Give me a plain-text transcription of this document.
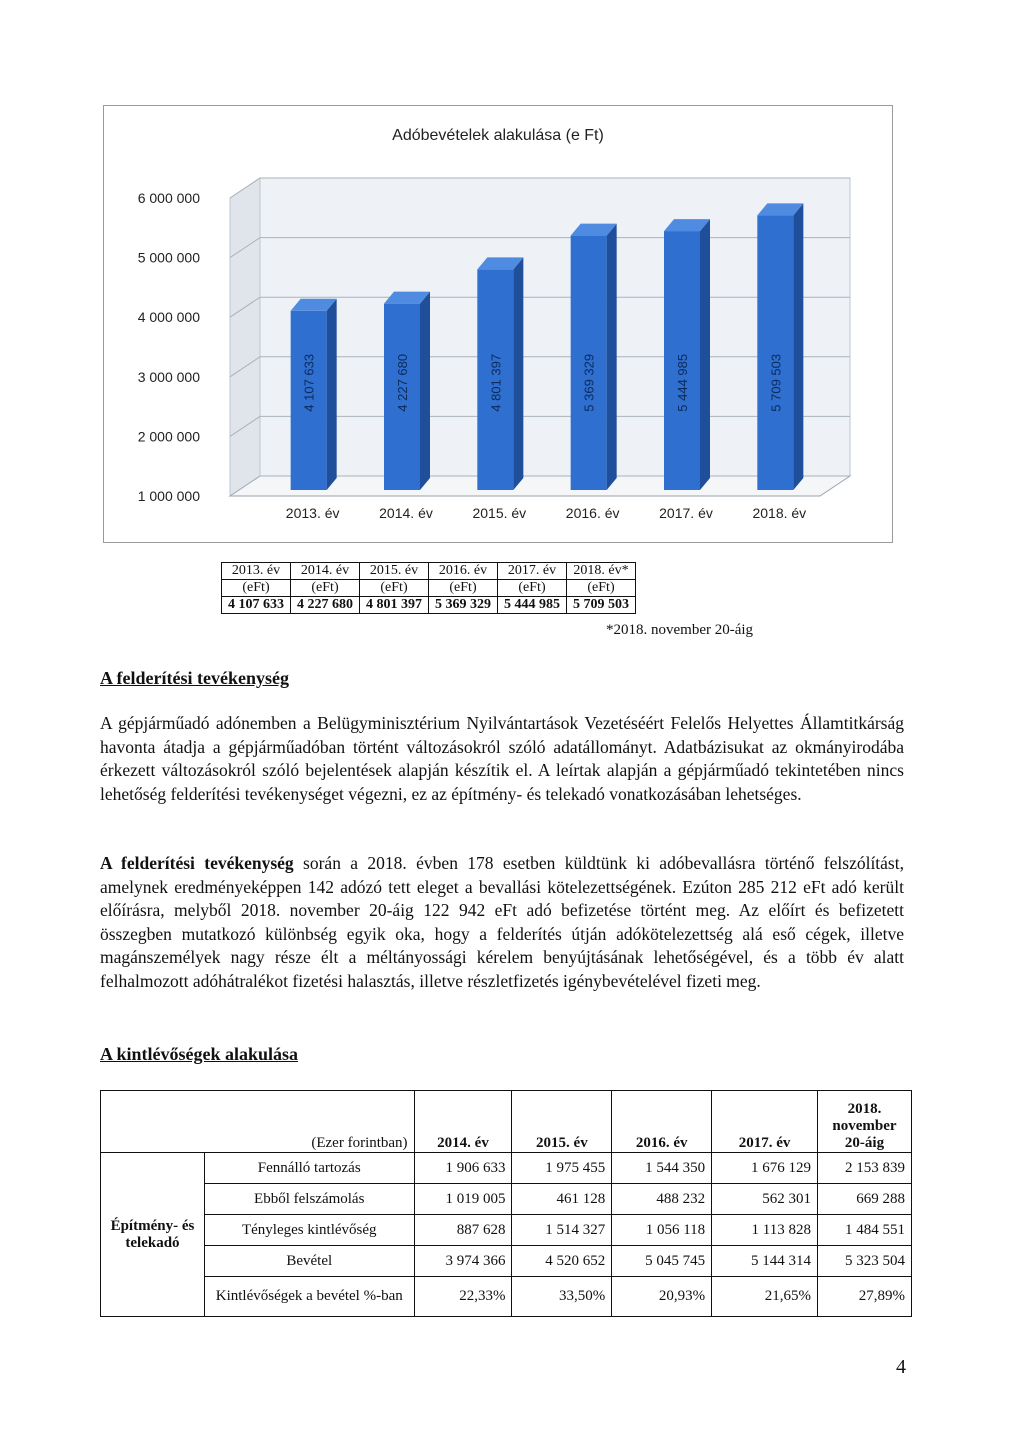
1 000 000
2 000 000
3 000 000
4 000 000
5 000 000
6 000 000
Adóbevételek alakulása (e Ft)
4 107 633
2013. év
4 227 680
2014. év
4 801 397
2015. év
5 369 329
2016. év
5 444 985
2017. év
5 709 503
2018. év
2013. év	2014. év	2015. év	2016. év	2017. év	2018. év*
(eFt)	(eFt)	(eFt)	(eFt)	(eFt)	(eFt)
4 107 633	4 227 680	4 801 397	5 369 329	5 444 985	5 709 503
*2018. november 20-áig
A felderítési tevékenység

A gépjárműadó adónemben a Belügyminisztérium Nyilvántartások Vezetéséért Felelős Helyettes Államtitkárság havonta átadja a gépjárműadóban történt változásokról szóló adatállományt. Adatbázisukat az okmányirodába érkezett változásokról szóló bejelentések alapján készítik el. A leírtak alapján a gépjárműadó tekintetében nincs lehetőség felderítési tevékenységet végezni, ez az építmény- és telekadó vonatkozásában lehetséges.

A felderítési tevékenység során a 2018. évben 178 esetben küldtünk ki adóbevallásra történő felszólítást, amelynek eredményeképpen 142 adózó tett eleget a bevallási kötelezettségének. Ezúton 285 212 eFt adó került előírásra, melyből 2018. november 20-áig 122 942 eFt adó befizetése történt meg. Az előírt és befizetett összegben mutatkozó különbség egyik oka, hogy a felderítés útján adókötelezettség alá eső cégek, illetve magánszemélyek nagy része élt a méltányossági kérelem benyújtásának lehetőségével, és a több év alatt felhalmozott adóhátralékot fizetési halasztás, illetve részletfizetés igénybevételével fizeti meg.

A kintlévőségek alakulása
(Ezer forintban)		2014. év	2015. év	2016. év	2017. év	2018. november 20-áig
Építmény- és telekadó	Fennálló tartozás	1 906 633	1 975 455	1 544 350	1 676 129	2 153 839
	Ebből felszámolás	1 019 005	461 128	488 232	562 301	669 288
	Tényleges kintlévőség	887 628	1 514 327	1 056 118	1 113 828	1 484 551
	Bevétel	3 974 366	4 520 652	5 045 745	5 144 314	5 323 504
	Kintlévőségek a bevétel %-ban	22,33%	33,50%	20,93%	21,65%	27,89%
4
